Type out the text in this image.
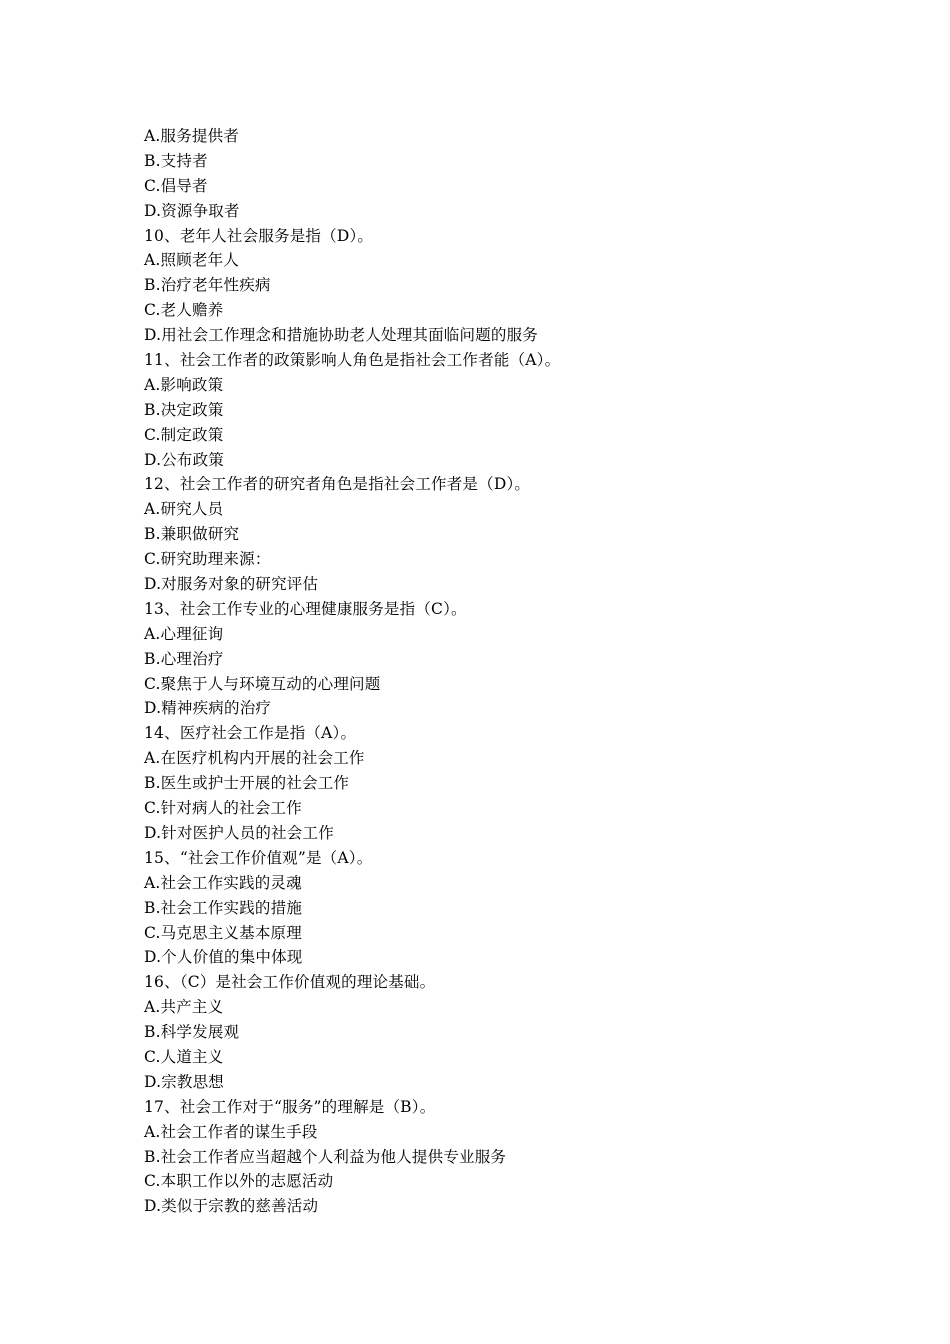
A.服务提供者
B.支持者
C.倡导者
D.资源争取者
10、老年人社会服务是指（D）。
A.照顾老年人
B.治疗老年性疾病
C.老人赡养
D.用社会工作理念和措施协助老人处理其面临问题的服务
11、社会工作者的政策影响人角色是指社会工作者能（A）。
A.影响政策
B.决定政策
C.制定政策
D.公布政策
12、社会工作者的研究者角色是指社会工作者是（D）。
A.研究人员
B.兼职做研究
C.研究助理来源：
D.对服务对象的研究评估
13、社会工作专业的心理健康服务是指（C）。
A.心理征询
B.心理治疗
C.聚焦于人与环境互动的心理问题
D.精神疾病的治疗
14、医疗社会工作是指（A）。
A.在医疗机构内开展的社会工作
B.医生或护士开展的社会工作
C.针对病人的社会工作
D.针对医护人员的社会工作
15、“社会工作价值观”是（A）。
A.社会工作实践的灵魂
B.社会工作实践的措施
C.马克思主义基本原理
D.个人价值的集中体现
16、（C）是社会工作价值观的理论基础。
A.共产主义
B.科学发展观
C.人道主义
D.宗教思想
17、社会工作对于“服务”的理解是（B）。
A.社会工作者的谋生手段
B.社会工作者应当超越个人利益为他人提供专业服务
C.本职工作以外的志愿活动
D.类似于宗教的慈善活动
